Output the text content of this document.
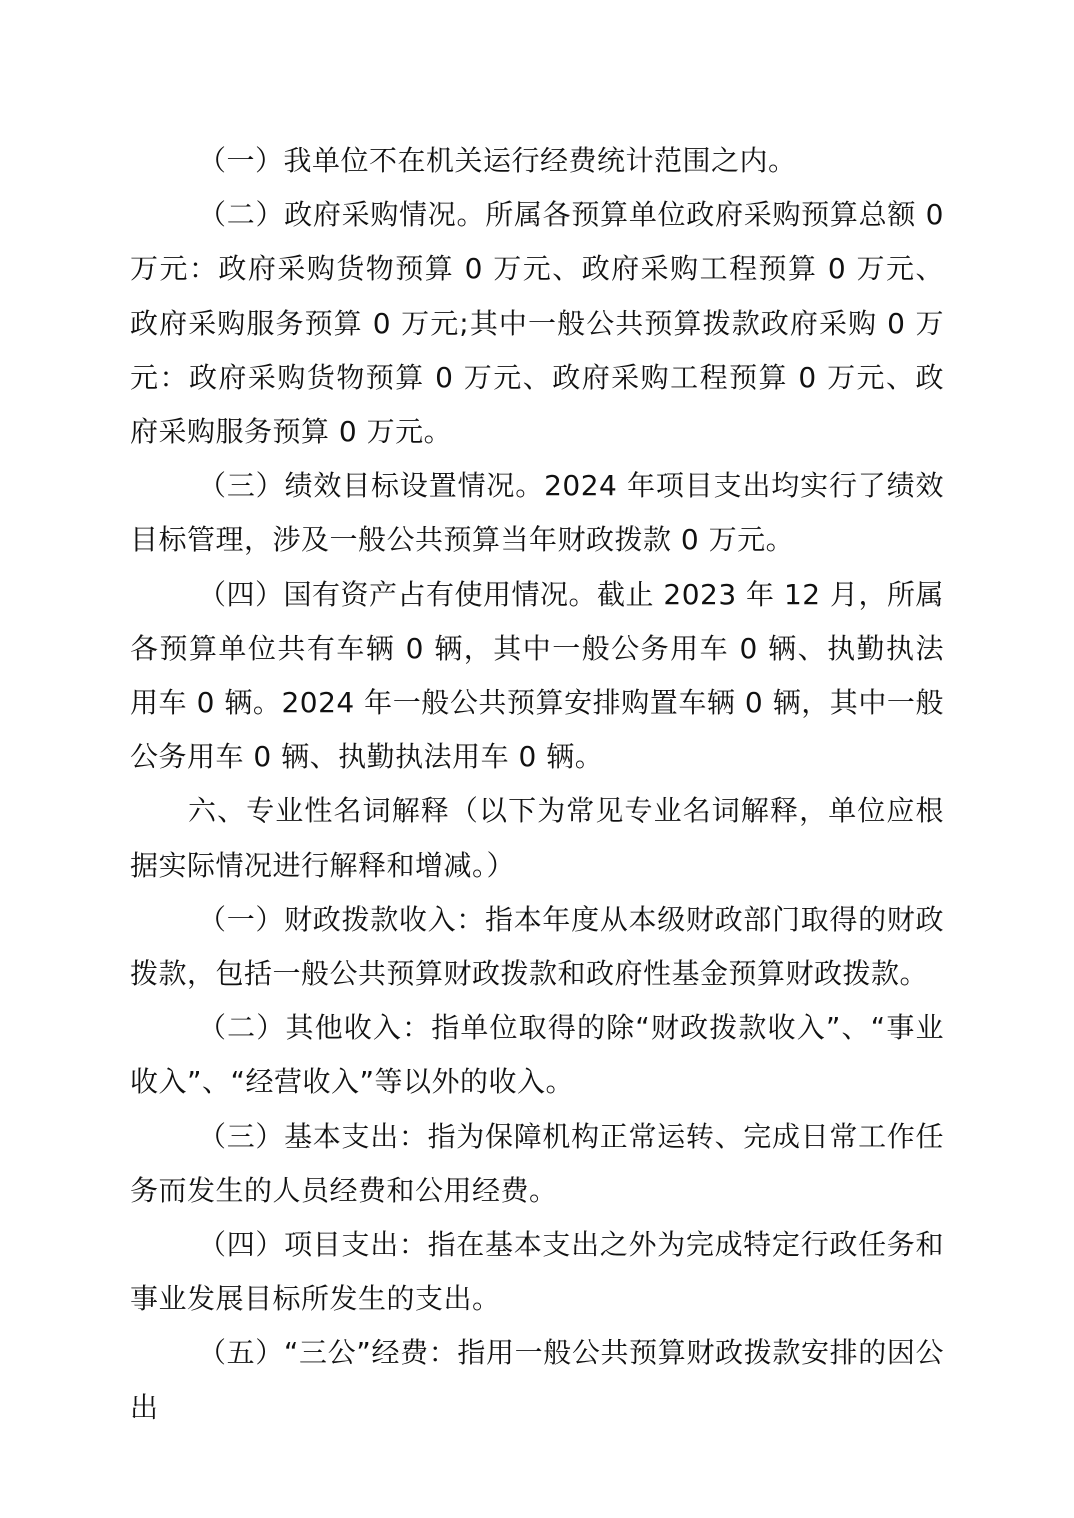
（一）我单位不在机关运行经费统计范围之内。

（二）政府采购情况。所属各预算单位政府采购预算总额 0 万元：政府采购货物预算 0 万元、政府采购工程预算 0 万元、政府采购服务预算 0 万元;其中一般公共预算拨款政府采购 0 万元：政府采购货物预算 0 万元、政府采购工程预算 0 万元、政府采购服务预算 0 万元。

（三）绩效目标设置情况。2024 年项目支出均实行了绩效目标管理，涉及一般公共预算当年财政拨款 0 万元。

（四）国有资产占有使用情况。截止 2023 年 12 月，所属各预算单位共有车辆 0 辆，其中一般公务用车 0 辆、执勤执法用车 0 辆。2024 年一般公共预算安排购置车辆 0 辆，其中一般公务用车 0 辆、执勤执法用车 0 辆。

六、专业性名词解释（以下为常见专业名词解释，单位应根据实际情况进行解释和增减。）

（一）财政拨款收入：指本年度从本级财政部门取得的财政拨款，包括一般公共预算财政拨款和政府性基金预算财政拨款。

（二）其他收入：指单位取得的除“财政拨款收入”、“事业收入”、“经营收入”等以外的收入。

（三）基本支出：指为保障机构正常运转、完成日常工作任务而发生的人员经费和公用经费。

（四）项目支出：指在基本支出之外为完成特定行政任务和事业发展目标所发生的支出。

（五）“三公”经费：指用一般公共预算财政拨款安排的因公出
